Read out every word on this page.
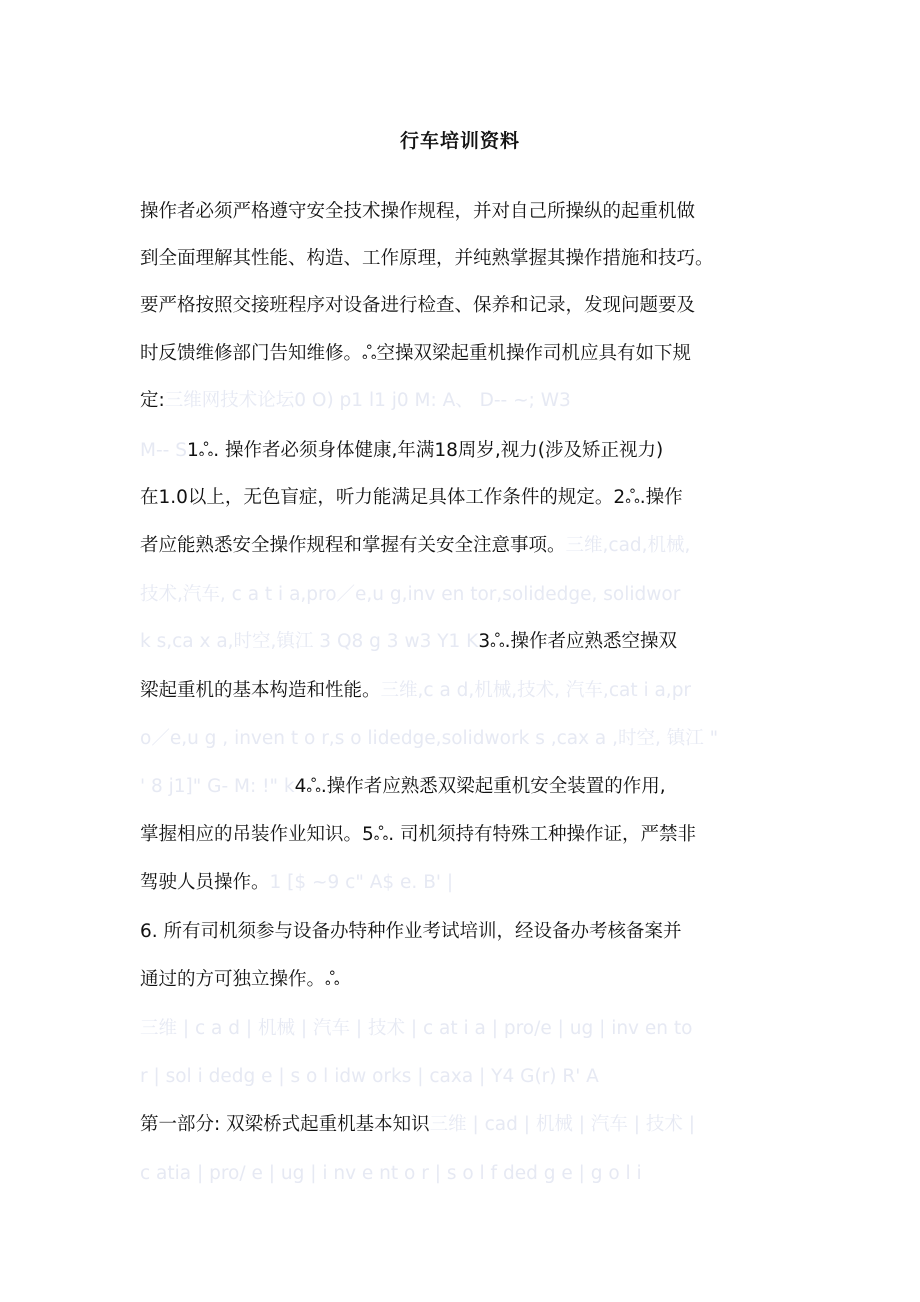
行车培训资料
操作者必须严格遵守安全技术操作规程，并对自己所操纵的起重机做
到全面理解其性能、构造、工作原理，并纯熟掌握其操作措施和技巧。
要严格按照交接班程序对设备进行检查、保养和记录，发现问题要及
时反馈维修部门告知维修。ஃ空操双梁起重机操作司机应具有如下规
定:三维网技术论坛0 O) p1 l1 j0 M: A、 D-- ~; W3
M-- S1ஃ. 操作者必须身体健康,年满18周岁,视力(涉及矫正视力)
在1.0以上，无色盲症，听力能满足具体工作条件的规定。2ஃ.操作
者应能熟悉安全操作规程和掌握有关安全注意事项。三维,cad,机械,
技术,汽车, c a t i a,pro／e,u g,inv en tor,solidedge, solidwor
k s,ca x a,时空,镇江 3 Q8 g 3 w3 Y1 K3ஃ.操作者应熟悉空操双
梁起重机的基本构造和性能。三维,c a d,机械,技术, 汽车,cat i a,pr
o／e,u g , inven t o r,s o lidedge,solidwork s ,cax a ,时空, 镇江 "
' 8 j1]" G- M: !" k4ஃ.操作者应熟悉双梁起重机安全装置的作用,
掌握相应的吊装作业知识。5ஃ. 司机须持有特殊工种操作证，严禁非
驾驶人员操作。1 [$ ~9 c" A$ e. B' |
6. 所有司机须参与设备办特种作业考试培训，经设备办考核备案并
通过的方可独立操作。ஃ
三维 | c a d | 机械 | 汽车 | 技术 | c at i a | pro/e | ug | inv en to
r | sol i dedg e | s o l idw orks | caxa | Y4 G(r) R' A
第一部分: 双梁桥式起重机基本知识三维 | cad | 机械 | 汽车 | 技术 |
c atia | pro/ e | ug | i nv e nt o r | s o l f ded g e | g o l i
